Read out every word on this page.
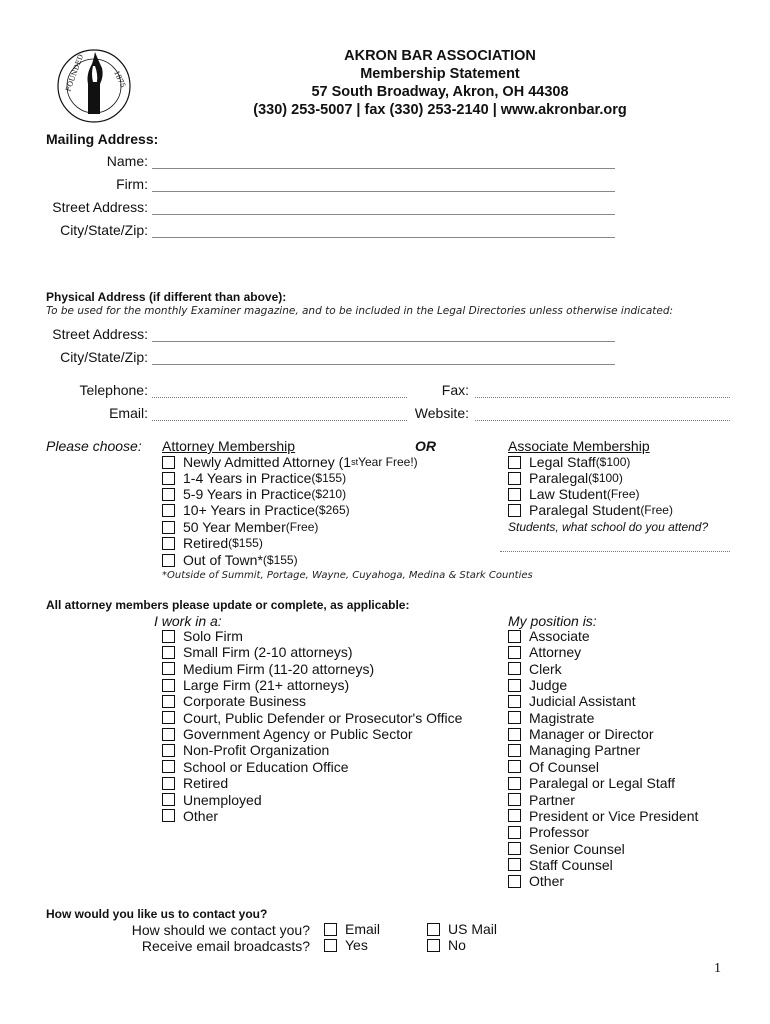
FOUNDED	1875
AKRON BAR ASSOCIATION
Membership Statement
57 South Broadway, Akron, OH 44308
(330) 253-5007 | fax (330) 253-2140 | www.akronbar.org
Mailing Address:
Name:
Firm:
Street Address:
City/State/Zip:
Physical Address (if different than above):
To be used for the monthly Examiner magazine, and to be included in the Legal Directories unless otherwise indicated:
Street Address:
City/State/Zip:
Telephone:	Fax:
Email:	Website:
Please choose: Attorney Membership	OR	Associate Membership
Newly Admitted Attorney (1 st Year Free!)
1-4 Years in Practice ($155)
5-9 Years in Practice ($210)
10+ Years in Practice ($265)
50 Year Member (Free)
Retired ($155)
Out of Town* ($155)
*Outside of Summit, Portage, Wayne, Cuyahoga, Medina & Stark Counties
Legal Staff ($100)
Paralegal ($100)
Law Student (Free)
Paralegal Student (Free)
Students, what school do you attend?
All attorney members please update or complete, as applicable:
I work in a:	My position is:
Solo Firm
Small Firm (2-10 attorneys)
Medium Firm (11-20 attorneys)
Large Firm (21+ attorneys)
Corporate Business
Court, Public Defender or Prosecutor's Office
Government Agency or Public Sector
Non-Profit Organization
School or Education Office
Retired
Unemployed
Other
Associate
Attorney
Clerk
Judge
Judicial Assistant
Magistrate
Manager or Director
Managing Partner
Of Counsel
Paralegal or Legal Staff
Partner
President or Vice President
Professor
Senior Counsel
Staff Counsel
Other
How would you like us to contact you?
How should we contact you?	Email	US Mail
Receive email broadcasts?	Yes	No
1
